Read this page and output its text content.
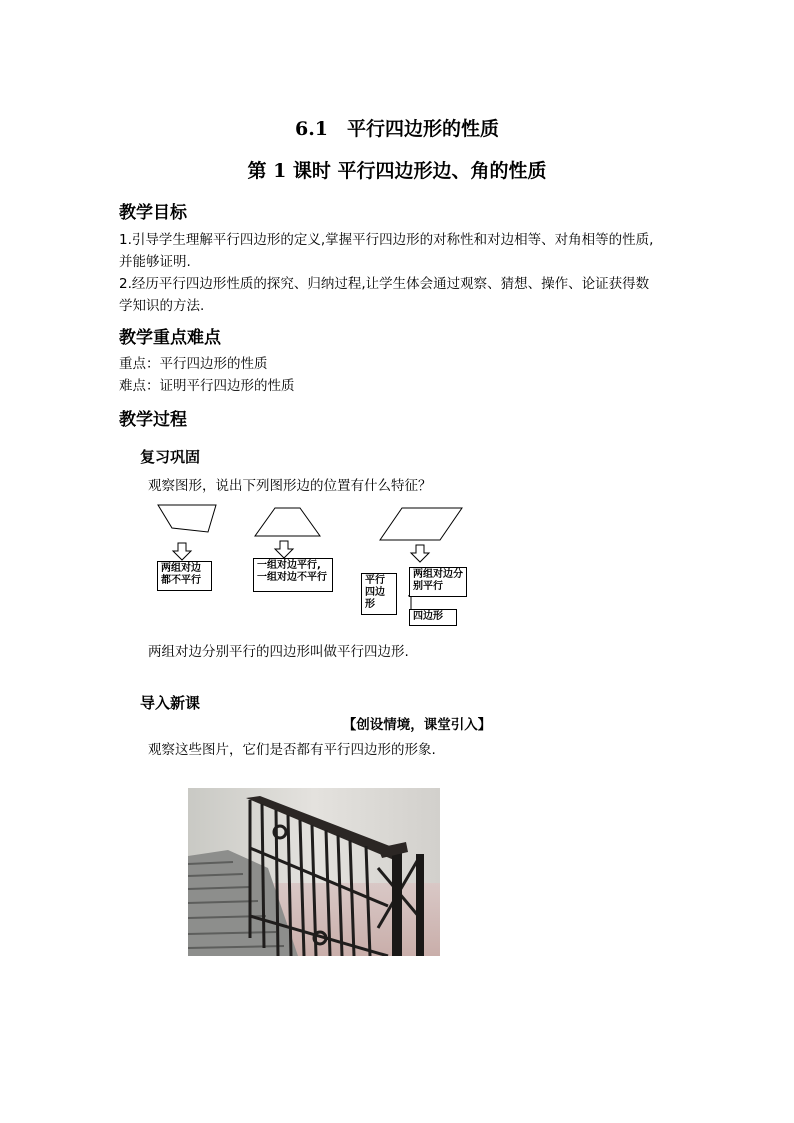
6.1　平行四边形的性质
第 1 课时 平行四边形边、角的性质
教学目标
1.引导学生理解平行四边形的定义,掌握平行四边形的对称性和对边相等、对角相等的性质,
并能够证明.
2.经历平行四边形性质的探究、归纳过程,让学生体会通过观察、猜想、操作、论证获得数
学知识的方法.
教学重点难点
重点：平行四边形的性质
难点：证明平行四边形的性质
教学过程
复习巩固
观察图形，说出下列图形边的位置有什么特征？
两组对边
都不平行
一组对边平行,
一组对边不平行	平行
四边
形
两组对边分
别平行
四边形
两组对边分别平行的四边形叫做平行四边形.
导入新课
【创设情境，课堂引入】
观察这些图片，它们是否都有平行四边形的形象.
